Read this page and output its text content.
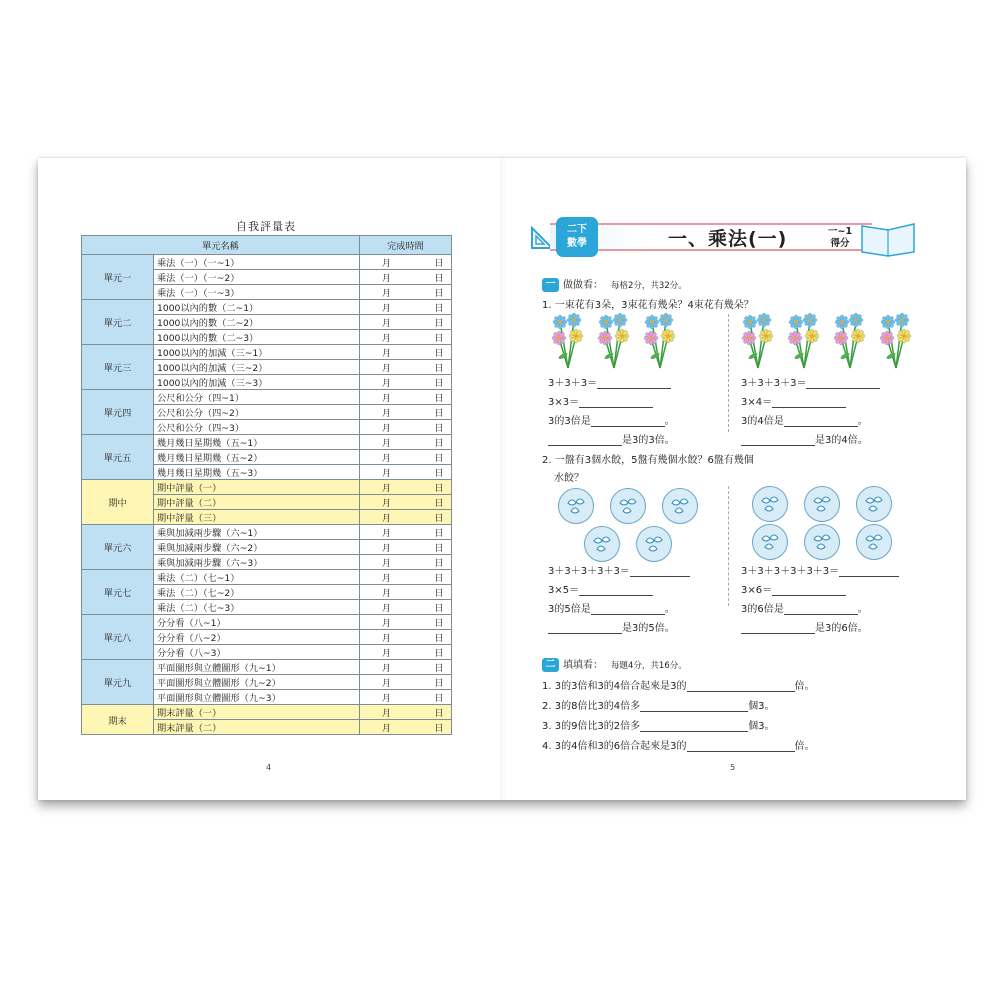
自我評量表
單元名稱		完成時間
單元一	乘法（一）（一~1）	月 日
	乘法（一）（一~2）	月 日
	乘法（一）（一~3）	月 日
單元二	1000以內的數（二~1）	月 日
	1000以內的數（二~2）	月 日
	1000以內的數（二~3）	月 日
單元三	1000以內的加減（三~1）	月 日
	1000以內的加減（三~2）	月 日
	1000以內的加減（三~3）	月 日
單元四	公尺和公分（四~1）	月 日
	公尺和公分（四~2）	月 日
	公尺和公分（四~3）	月 日
單元五	幾月幾日星期幾（五~1）	月 日
	幾月幾日星期幾（五~2）	月 日
	幾月幾日星期幾（五~3）	月 日
期中	期中評量（一）	月 日
	期中評量（二）	月 日
	期中評量（三）	月 日
單元六	乘與加減兩步驟（六~1）	月 日
	乘與加減兩步驟（六~2）	月 日
	乘與加減兩步驟（六~3）	月 日
單元七	乘法（二）（七~1）	月 日
	乘法（二）（七~2）	月 日
	乘法（二）（七~3）	月 日
單元八	分分看（八~1）	月 日
	分分看（八~2）	月 日
	分分看（八~3）	月 日
單元九	平面圖形與立體圖形（九~1）	月 日
	平面圖形與立體圖形（九~2）	月 日
	平面圖形與立體圖形（九~3）	月 日
期末	期末評量（一）	月 日
	期末評量（二）	月 日
4
二下
數學	一、乘法(一)	一~1
得分
一 做做看： 每格2分，共32分。
1. 一束花有3朵，3束花有幾朵？4束花有幾朵？
3＋3＋3＝
3×3＝
3的3倍是	。
是3的3倍。
3＋3＋3＋3＝
3×4＝
3的4倍是	。
是3的4倍。
2. 一盤有3個水餃，5盤有幾個水餃？6盤有幾個
水餃？
3＋3＋3＋3＋3＝
3×5＝
3的5倍是	。
是3的5倍。
3＋3＋3＋3＋3＋3＝
3×6＝
3的6倍是	。
是3的6倍。
二 填填看： 每題4分，共16分。
1. 3的3倍和3的4倍合起來是3的	倍。
2. 3的8倍比3的4倍多	個3。
3. 3的9倍比3的2倍多	個3。
4. 3的4倍和3的6倍合起來是3的	倍。
5
